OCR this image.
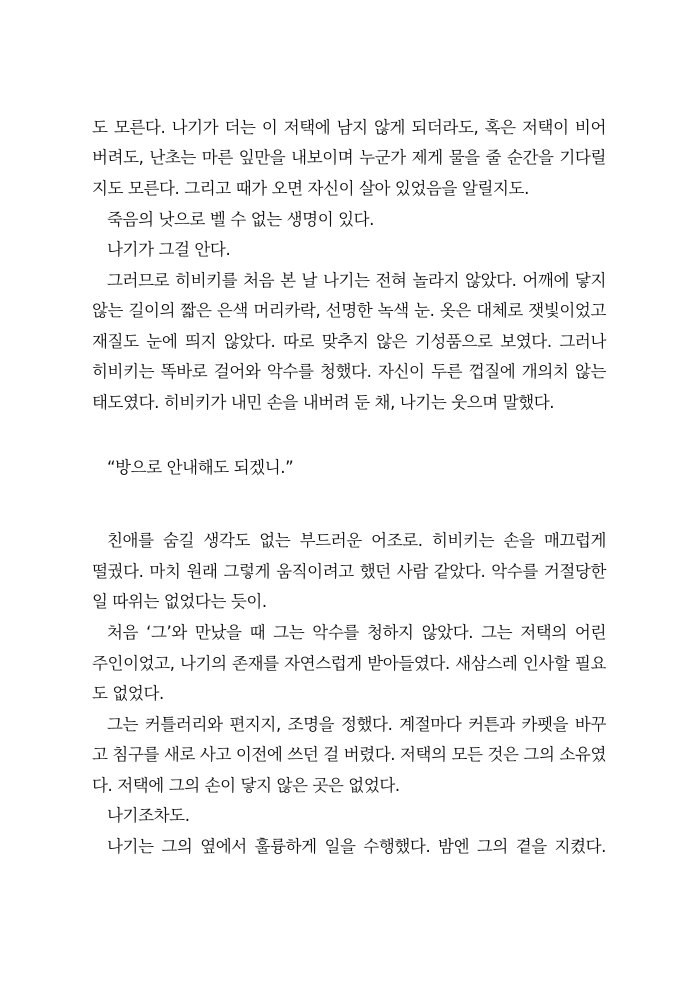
도 모른다. 나기가 더는 이 저택에 남지 않게 되더라도, 혹은 저택이 비어
버려도, 난초는 마른 잎만을 내보이며 누군가 제게 물을 줄 순간을 기다릴
지도 모른다. 그리고 때가 오면 자신이 살아 있었음을 알릴지도.
죽음의 낫으로 벨 수 없는 생명이 있다.
나기가 그걸 안다.
그러므로 히비키를 처음 본 날 나기는 전혀 놀라지 않았다. 어깨에 닿지
않는 길이의 짧은 은색 머리카락, 선명한 녹색 눈. 옷은 대체로 잿빛이었고
재질도 눈에 띄지 않았다. 따로 맞추지 않은 기성품으로 보였다. 그러나
히비키는 똑바로 걸어와 악수를 청했다. 자신이 두른 껍질에 개의치 않는
태도였다. 히비키가 내민 손을 내버려 둔 채, 나기는 웃으며 말했다.
“방으로 안내해도 되겠니.”
친애를 숨길 생각도 없는 부드러운 어조로. 히비키는 손을 매끄럽게
떨궜다. 마치 원래 그렇게 움직이려고 했던 사람 같았다. 악수를 거절당한
일 따위는 없었다는 듯이.
처음 ‘그’와 만났을 때 그는 악수를 청하지 않았다. 그는 저택의 어린
주인이었고, 나기의 존재를 자연스럽게 받아들였다. 새삼스레 인사할 필요
도 없었다.
그는 커틀러리와 편지지, 조명을 정했다. 계절마다 커튼과 카펫을 바꾸
고 침구를 새로 사고 이전에 쓰던 걸 버렸다. 저택의 모든 것은 그의 소유였
다. 저택에 그의 손이 닿지 않은 곳은 없었다.
나기조차도.
나기는 그의 옆에서 훌륭하게 일을 수행했다. 밤엔 그의 곁을 지켰다.
